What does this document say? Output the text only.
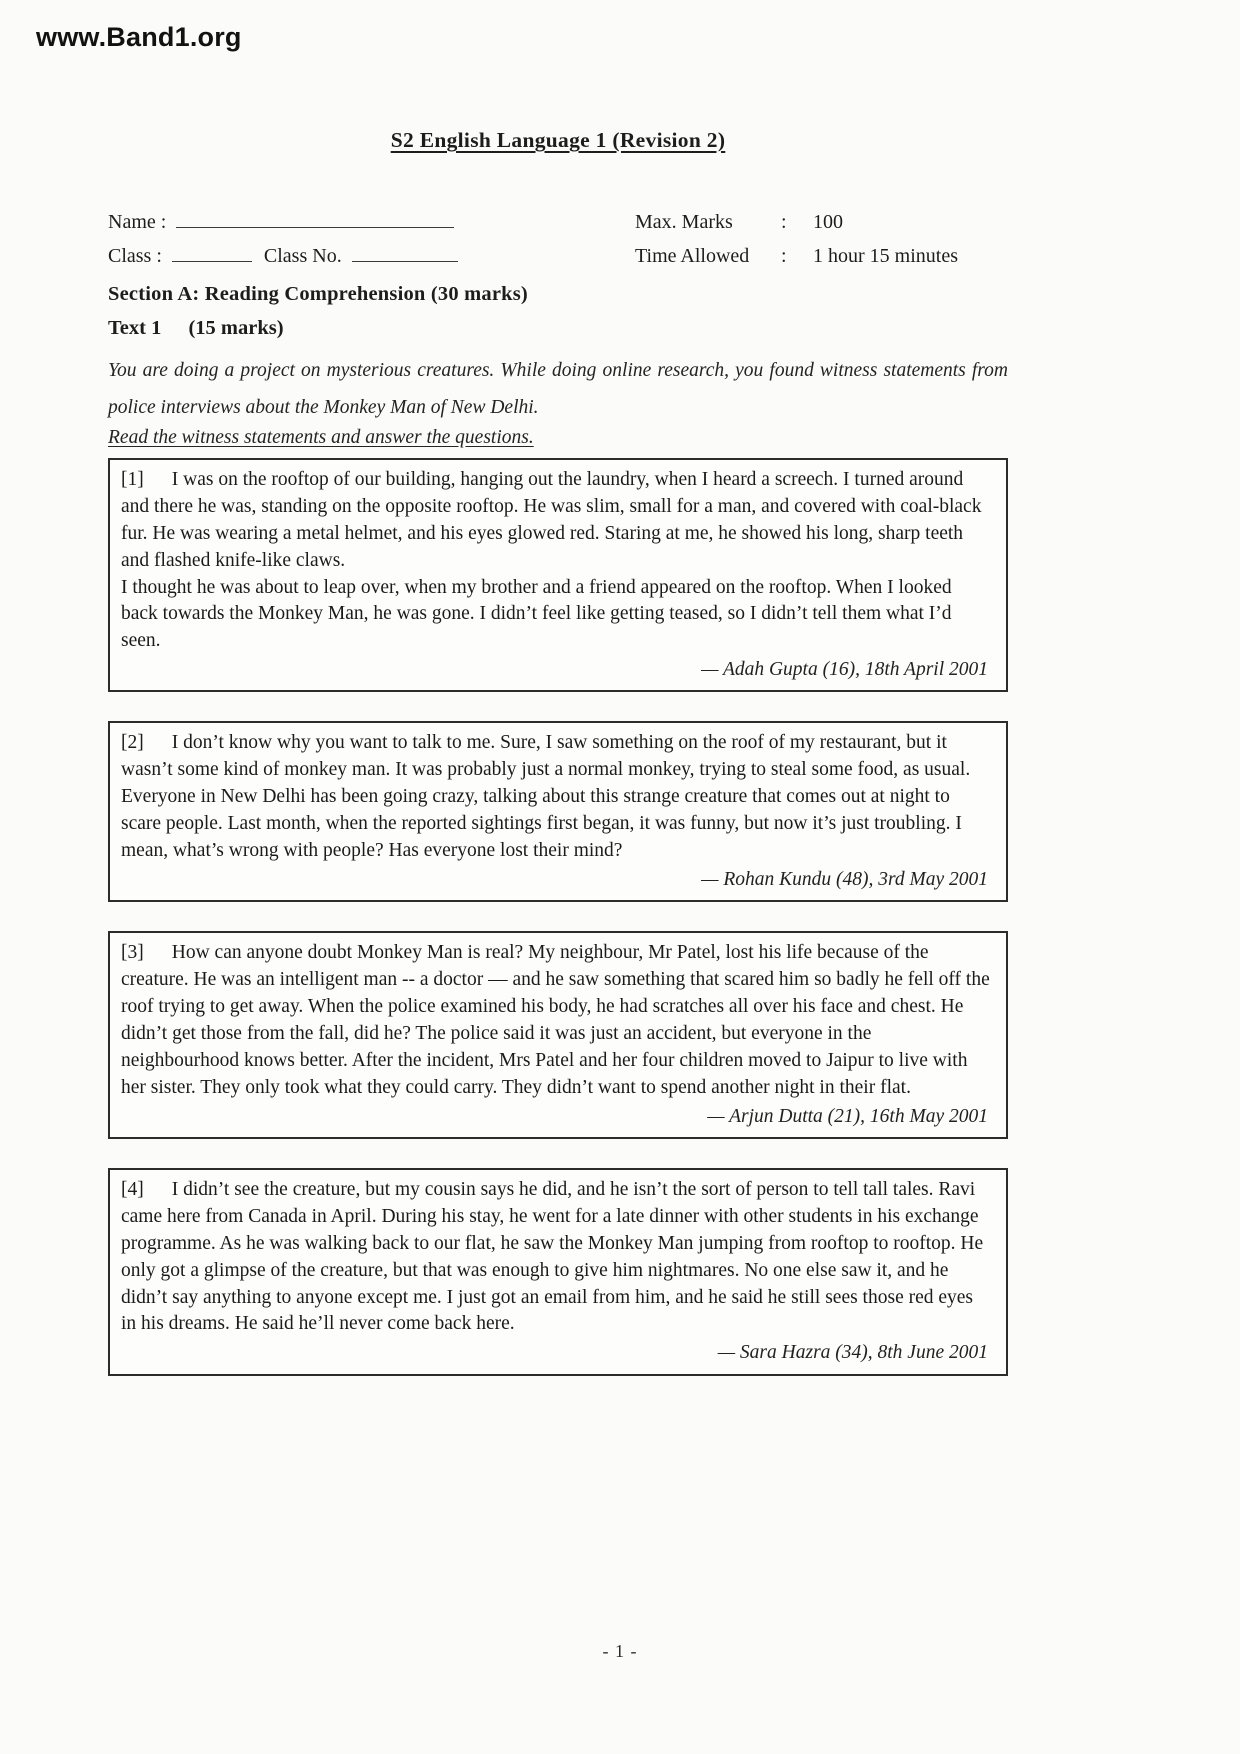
www.Band1.org
S2 English Language 1 (Revision 2)
Name :
Class :	Class No.
Max. Marks	:	100
Time Allowed	:	1 hour 15 minutes
Section A: Reading Comprehension (30 marks)
Text 1 (15 marks)
You are doing a project on mysterious creatures. While doing online research, you found witness statements from police interviews about the Monkey Man of New Delhi.
Read the witness statements and answer the questions.

[1] I was on the rooftop of our building, hanging out the laundry, when I heard a screech. I turned around and there he was, standing on the opposite rooftop. He was slim, small for a man, and covered with coal-black fur. He was wearing a metal helmet, and his eyes glowed red. Staring at me, he showed his long, sharp teeth and flashed knife-like claws.

I thought he was about to leap over, when my brother and a friend appeared on the rooftop. When I looked back towards the Monkey Man, he was gone. I didn’t feel like getting teased, so I didn’t tell them what I’d seen.

— Adah Gupta (16), 18th April 2001

[2] I don’t know why you want to talk to me. Sure, I saw something on the roof of my restaurant, but it wasn’t some kind of monkey man. It was probably just a normal monkey, trying to steal some food, as usual. Everyone in New Delhi has been going crazy, talking about this strange creature that comes out at night to scare people. Last month, when the reported sightings first began, it was funny, but now it’s just troubling. I mean, what’s wrong with people? Has everyone lost their mind?

— Rohan Kundu (48), 3rd May 2001

[3] How can anyone doubt Monkey Man is real? My neighbour, Mr Patel, lost his life because of the creature. He was an intelligent man -- a doctor — and he saw something that scared him so badly he fell off the roof trying to get away. When the police examined his body, he had scratches all over his face and chest. He didn’t get those from the fall, did he? The police said it was just an accident, but everyone in the neighbourhood knows better. After the incident, Mrs Patel and her four children moved to Jaipur to live with her sister. They only took what they could carry. They didn’t want to spend another night in their flat.

— Arjun Dutta (21), 16th May 2001

[4] I didn’t see the creature, but my cousin says he did, and he isn’t the sort of person to tell tall tales. Ravi came here from Canada in April. During his stay, he went for a late dinner with other students in his exchange programme. As he was walking back to our flat, he saw the Monkey Man jumping from rooftop to rooftop. He only got a glimpse of the creature, but that was enough to give him nightmares. No one else saw it, and he didn’t say anything to anyone except me. I just got an email from him, and he said he still sees those red eyes in his dreams. He said he’ll never come back here.

— Sara Hazra (34), 8th June 2001

- 1 -
